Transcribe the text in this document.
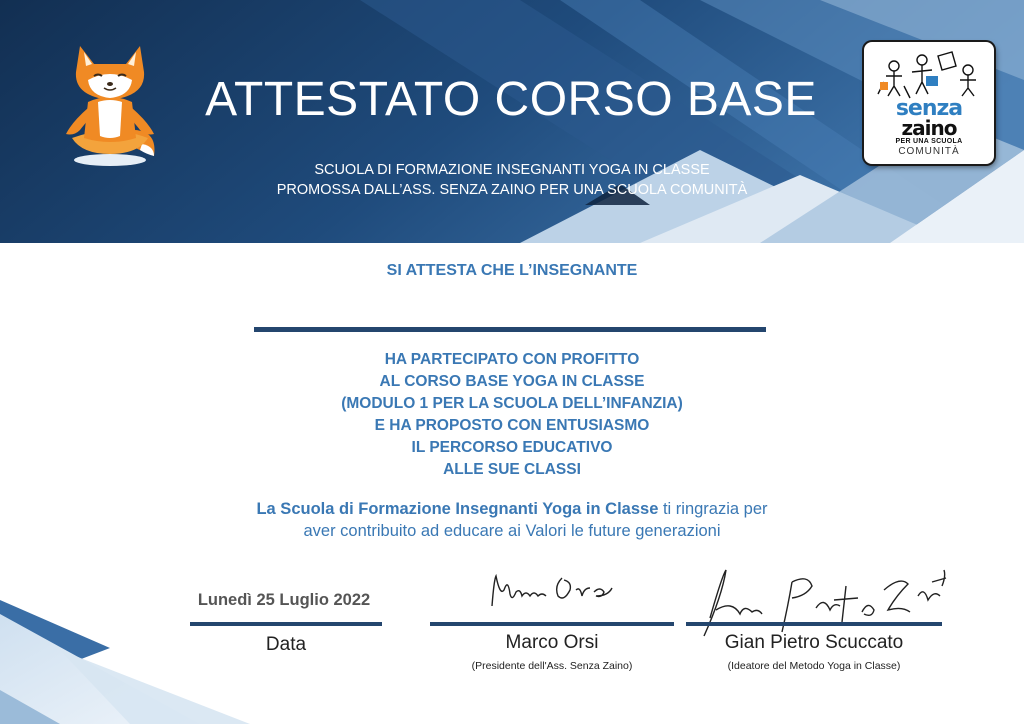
senza
zaino
PER UNA SCUOLA
COMUNITÀ
ATTESTATO CORSO BASE
SCUOLA DI FORMAZIONE INSEGNANTI YOGA IN CLASSE
PROMOSSA DALL’ASS. SENZA ZAINO PER UNA SCUOLA COMUNITÀ
SI ATTESTA CHE L’INSEGNANTE
HA PARTECIPATO CON PROFITTO
AL CORSO BASE YOGA IN CLASSE
(MODULO 1 PER LA SCUOLA DELL’INFANZIA)
E HA PROPOSTO CON ENTUSIASMO
IL PERCORSO EDUCATIVO
ALLE SUE CLASSI
La Scuola di Formazione Insegnanti Yoga in Classe ti ringrazia per
aver contribuito ad educare ai Valori le future generazioni
Lunedì 25 Luglio 2022
Data	Marco Orsi
(Presidente dell'Ass. Senza Zaino)
Gian Pietro Scuccato
(Ideatore del Metodo Yoga in Classe)
